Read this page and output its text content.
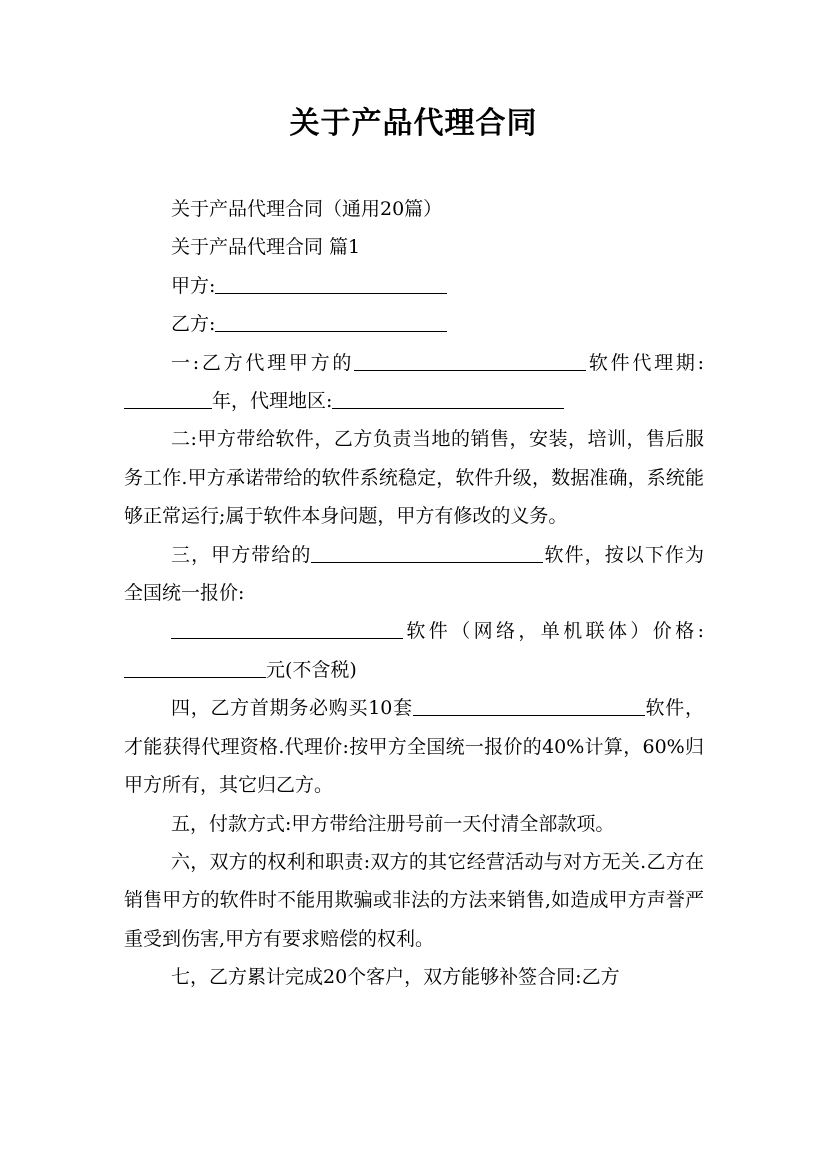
关于产品代理合同

关于产品代理合同（通用20篇）

关于产品代理合同 篇1

甲方:

乙方:

一:乙方代理甲方的	软件代理期:年，代理地区:

二:甲方带给软件，乙方负责当地的销售，安装，培训，售后服务工作.甲方承诺带给的软件系统稳定，软件升级，数据准确，系统能够正常运行;属于软件本身问题，甲方有修改的义务。

三，甲方带给的	软件，按以下作为全国统一报价:

软件（网络，单机联体）价格:元(不含税)

四，乙方首期务必购买10套	软件，才能获得代理资格.代理价:按甲方全国统一报价的40%计算，60%归甲方所有，其它归乙方。

五，付款方式:甲方带给注册号前一天付清全部款项。

六，双方的权利和职责:双方的其它经营活动与对方无关.乙方在销售甲方的软件时不能用欺骗或非法的方法来销售,如造成甲方声誉严重受到伤害,甲方有要求赔偿的权利。

七，乙方累计完成20个客户，双方能够补签合同:乙方
